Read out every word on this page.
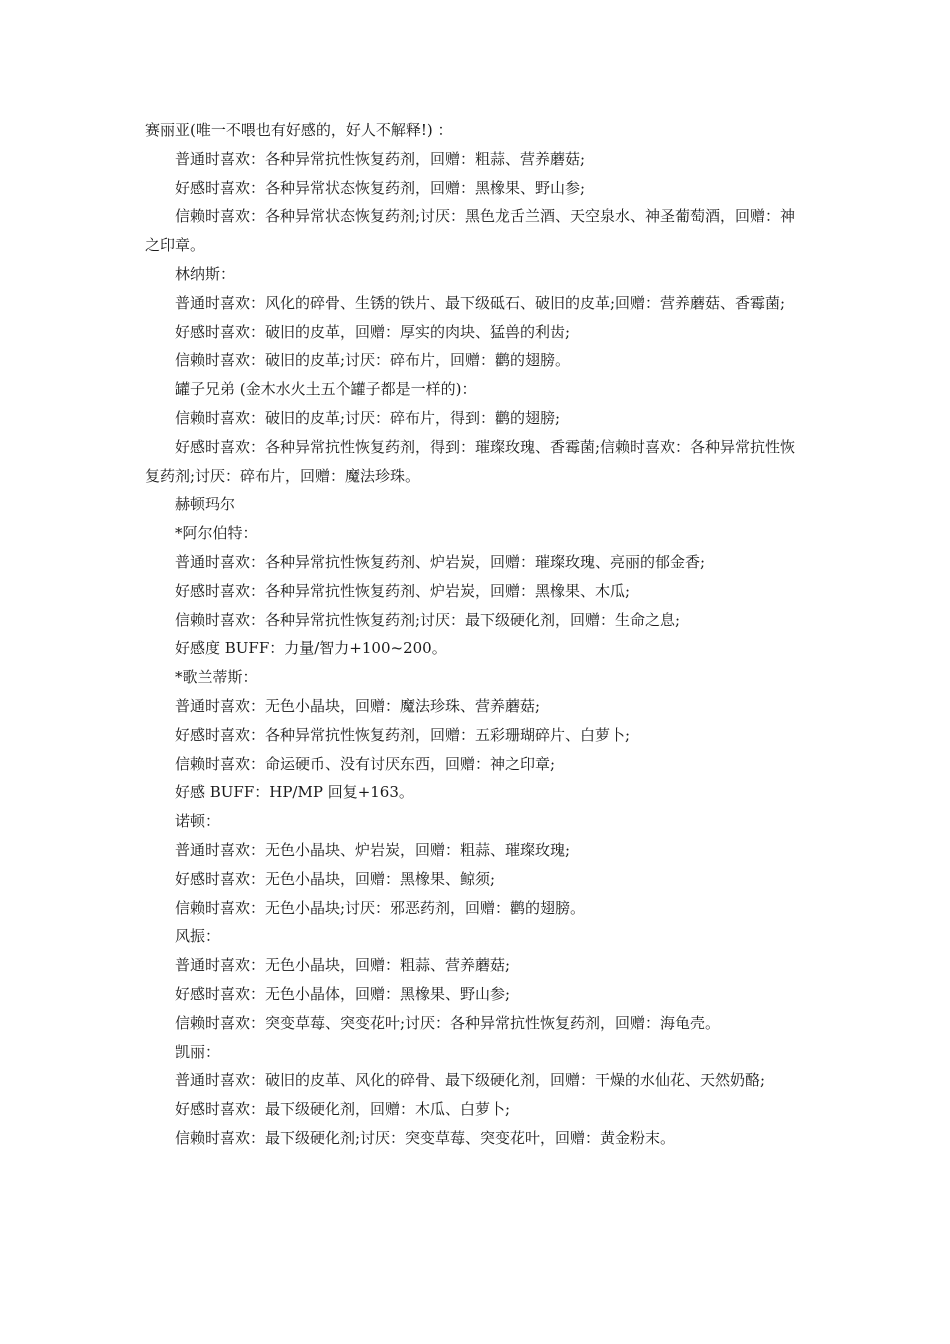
赛丽亚(唯一不喂也有好感的，好人不解释!) ：
普通时喜欢：各种异常抗性恢复药剂，回赠：粗蒜、营养蘑菇;
好感时喜欢：各种异常状态恢复药剂，回赠：黑橡果、野山参;
信赖时喜欢：各种异常状态恢复药剂;讨厌：黑色龙舌兰酒、天空泉水、神圣葡萄酒，回赠：神之印章。
林纳斯：
普通时喜欢：风化的碎骨、生锈的铁片、最下级砥石、破旧的皮革;回赠：营养蘑菇、香霉菌;
好感时喜欢：破旧的皮革，回赠：厚实的肉块、猛兽的利齿;
信赖时喜欢：破旧的皮革;讨厌：碎布片，回赠：鹳的翅膀。
罐子兄弟 (金木水火土五个罐子都是一样的)：
信赖时喜欢：破旧的皮革;讨厌：碎布片，得到：鹳的翅膀;
好感时喜欢：各种异常抗性恢复药剂，得到：璀璨玫瑰、香霉菌;信赖时喜欢：各种异常抗性恢复药剂;讨厌：碎布片，回赠：魔法珍珠。
赫顿玛尔
*阿尔伯特：
普通时喜欢：各种异常抗性恢复药剂、炉岩炭，回赠：璀璨玫瑰、亮丽的郁金香;
好感时喜欢：各种异常抗性恢复药剂、炉岩炭，回赠：黑橡果、木瓜;
信赖时喜欢：各种异常抗性恢复药剂;讨厌：最下级硬化剂，回赠：生命之息;
好感度 BUFF：力量/智力+100~200。
*歌兰蒂斯：
普通时喜欢：无色小晶块，回赠：魔法珍珠、营养蘑菇;
好感时喜欢：各种异常抗性恢复药剂，回赠：五彩珊瑚碎片、白萝卜;
信赖时喜欢：命运硬币、没有讨厌东西，回赠：神之印章;
好感 BUFF：HP/MP 回复+163。
诺顿：
普通时喜欢：无色小晶块、炉岩炭，回赠：粗蒜、璀璨玫瑰;
好感时喜欢：无色小晶块，回赠：黑橡果、鲸须;
信赖时喜欢：无色小晶块;讨厌：邪恶药剂，回赠：鹳的翅膀。
风振：
普通时喜欢：无色小晶块，回赠：粗蒜、营养蘑菇;
好感时喜欢：无色小晶体，回赠：黑橡果、野山参;
信赖时喜欢：突变草莓、突变花叶;讨厌：各种异常抗性恢复药剂，回赠：海龟壳。
凯丽：
普通时喜欢：破旧的皮革、风化的碎骨、最下级硬化剂，回赠：干燥的水仙花、天然奶酪;
好感时喜欢：最下级硬化剂，回赠：木瓜、白萝卜;
信赖时喜欢：最下级硬化剂;讨厌：突变草莓、突变花叶，回赠：黄金粉末。
